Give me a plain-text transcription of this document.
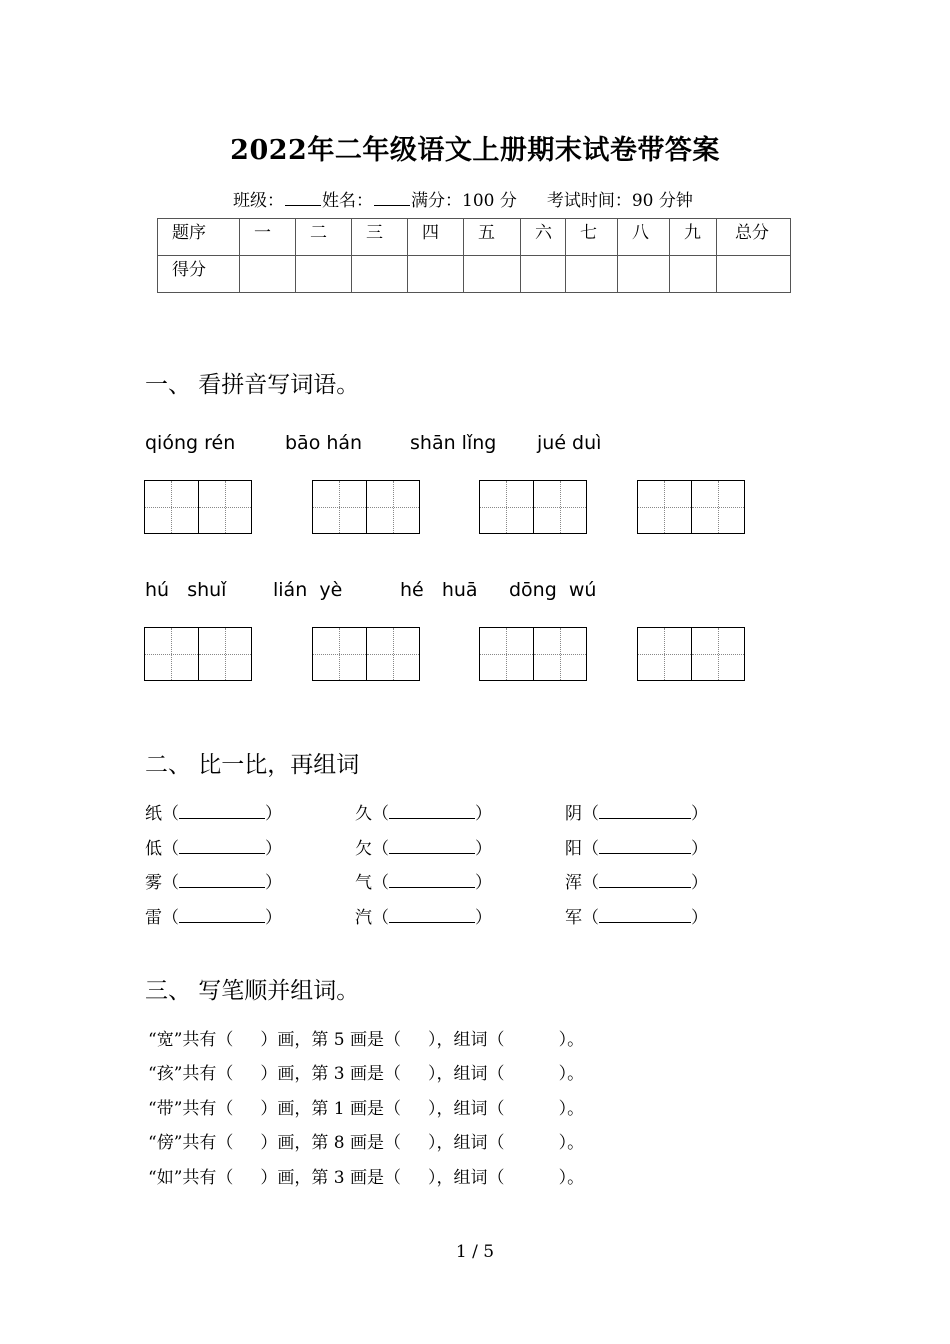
2022年二年级语文上册期末试卷带答案
班级： 姓名： 满分：100 分 考试时间：90 分钟
题序	一	二	三	四	五	六	七	八	九	总分
得分										
一、 看拼音写词语。
qióng rén	bāo hán	shān lǐng jué duì
hú   shuǐ lián  yè	hé   huā dōng  wú
二、 比一比，再组词
纸（	）	久（	）	阴（	）
低（	）	欠（	）	阳（	）
雾（	）	气（	）	浑（	）
雷（	）	汽（	）	军（	）
三、 写笔顺并组词。
“宽”共有（     ）画，第 5 画是（     ），组词（          ）。
“孩”共有（     ）画，第 3 画是（     ），组词（          ）。
“带”共有（     ）画，第 1 画是（     ），组词（          ）。
“傍”共有（     ）画，第 8 画是（     ），组词（          ）。
“如”共有（     ）画，第 3 画是（     ），组词（          ）。
1 / 5
